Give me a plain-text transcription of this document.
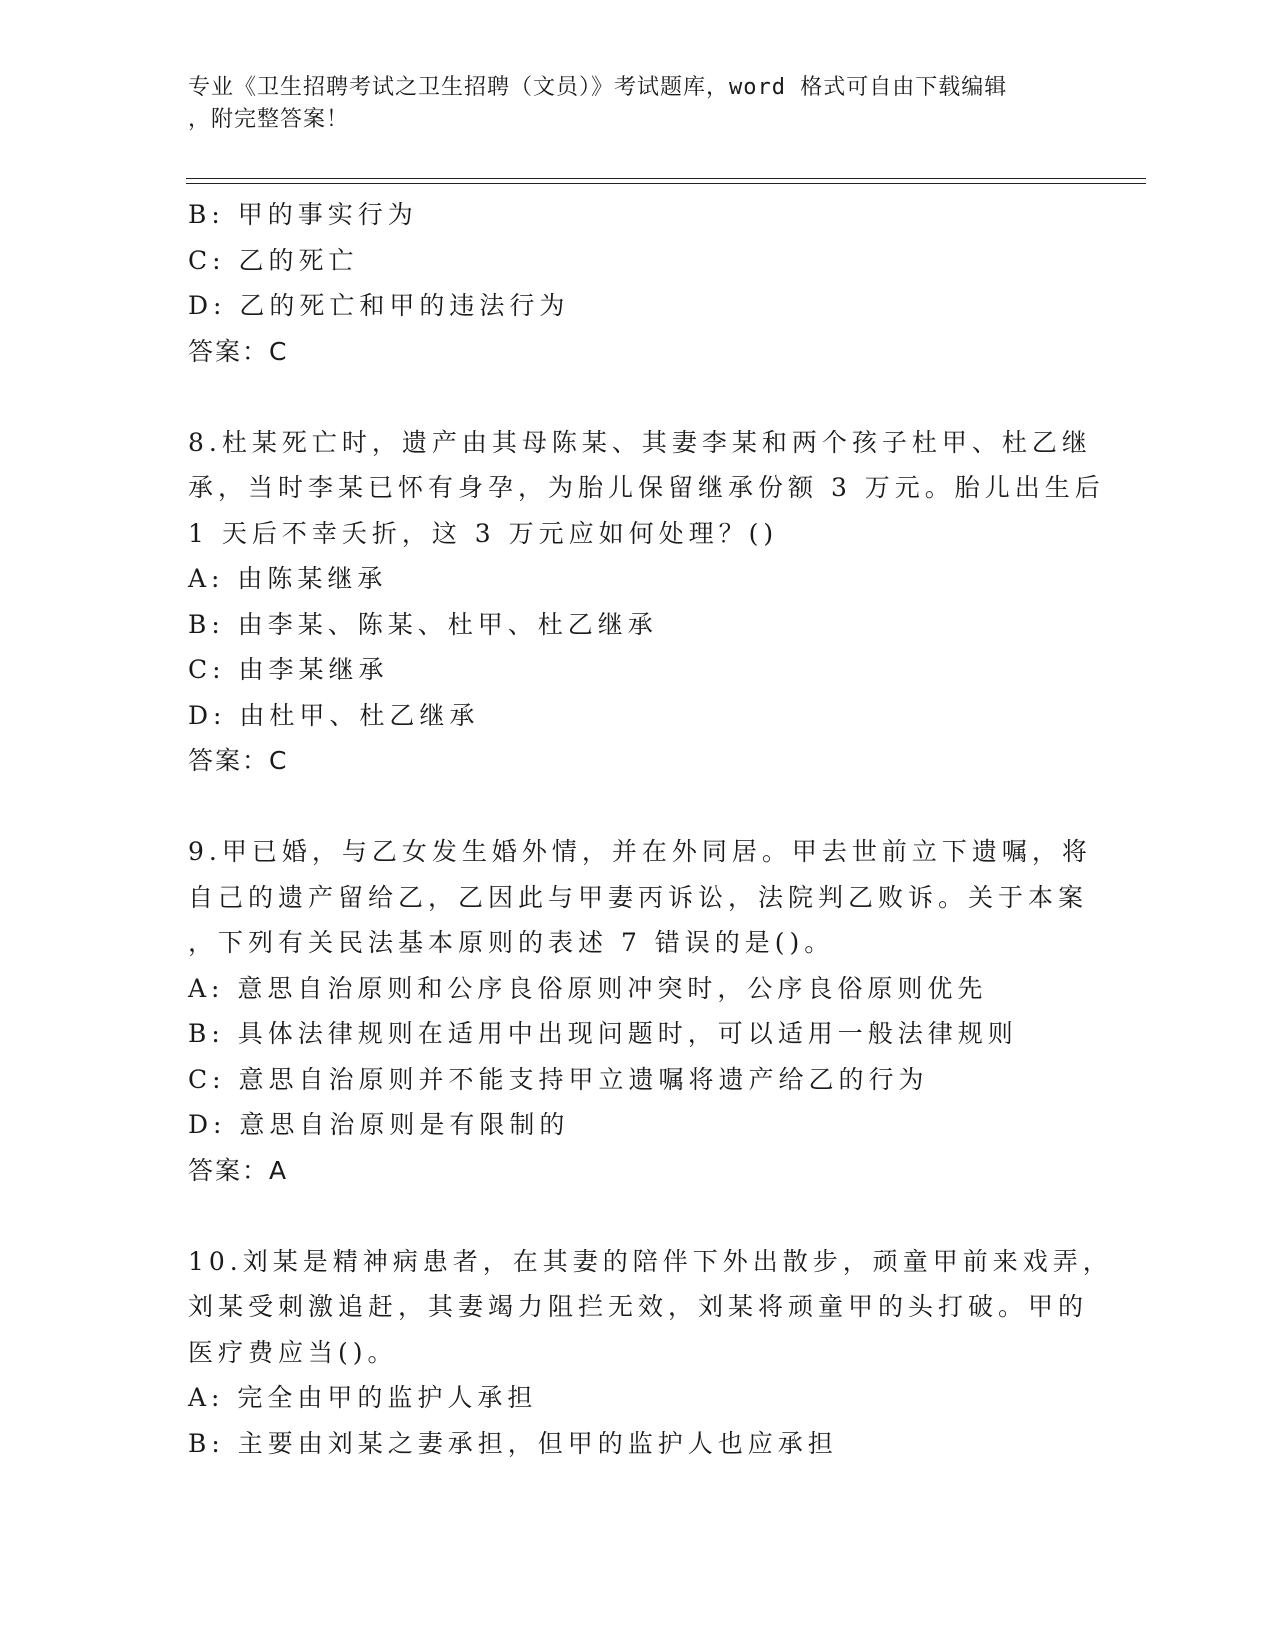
专业《卫生招聘考试之卫生招聘（文员）》考试题库，word 格式可自由下载编辑
，附完整答案！
B: 甲的事实行为
C: 乙的死亡
D: 乙的死亡和甲的违法行为
答案：C
8.杜某死亡时，遗产由其母陈某、其妻李某和两个孩子杜甲、杜乙继
承，当时李某已怀有身孕，为胎儿保留继承份额 3 万元。胎儿出生后
1 天后不幸夭折，这 3 万元应如何处理？()
A: 由陈某继承
B: 由李某、陈某、杜甲、杜乙继承
C: 由李某继承
D: 由杜甲、杜乙继承
答案：C
9.甲已婚，与乙女发生婚外情，并在外同居。甲去世前立下遗嘱，将
自己的遗产留给乙，乙因此与甲妻丙诉讼，法院判乙败诉。关于本案
，下列有关民法基本原则的表述 7 错误的是()。
A: 意思自治原则和公序良俗原则冲突时，公序良俗原则优先
B: 具体法律规则在适用中出现问题时，可以适用一般法律规则
C: 意思自治原则并不能支持甲立遗嘱将遗产给乙的行为
D: 意思自治原则是有限制的
答案：A
10.刘某是精神病患者，在其妻的陪伴下外出散步，顽童甲前来戏弄，
刘某受刺激追赶，其妻竭力阻拦无效，刘某将顽童甲的头打破。甲的
医疗费应当()。
A: 完全由甲的监护人承担
B: 主要由刘某之妻承担，但甲的监护人也应承担
